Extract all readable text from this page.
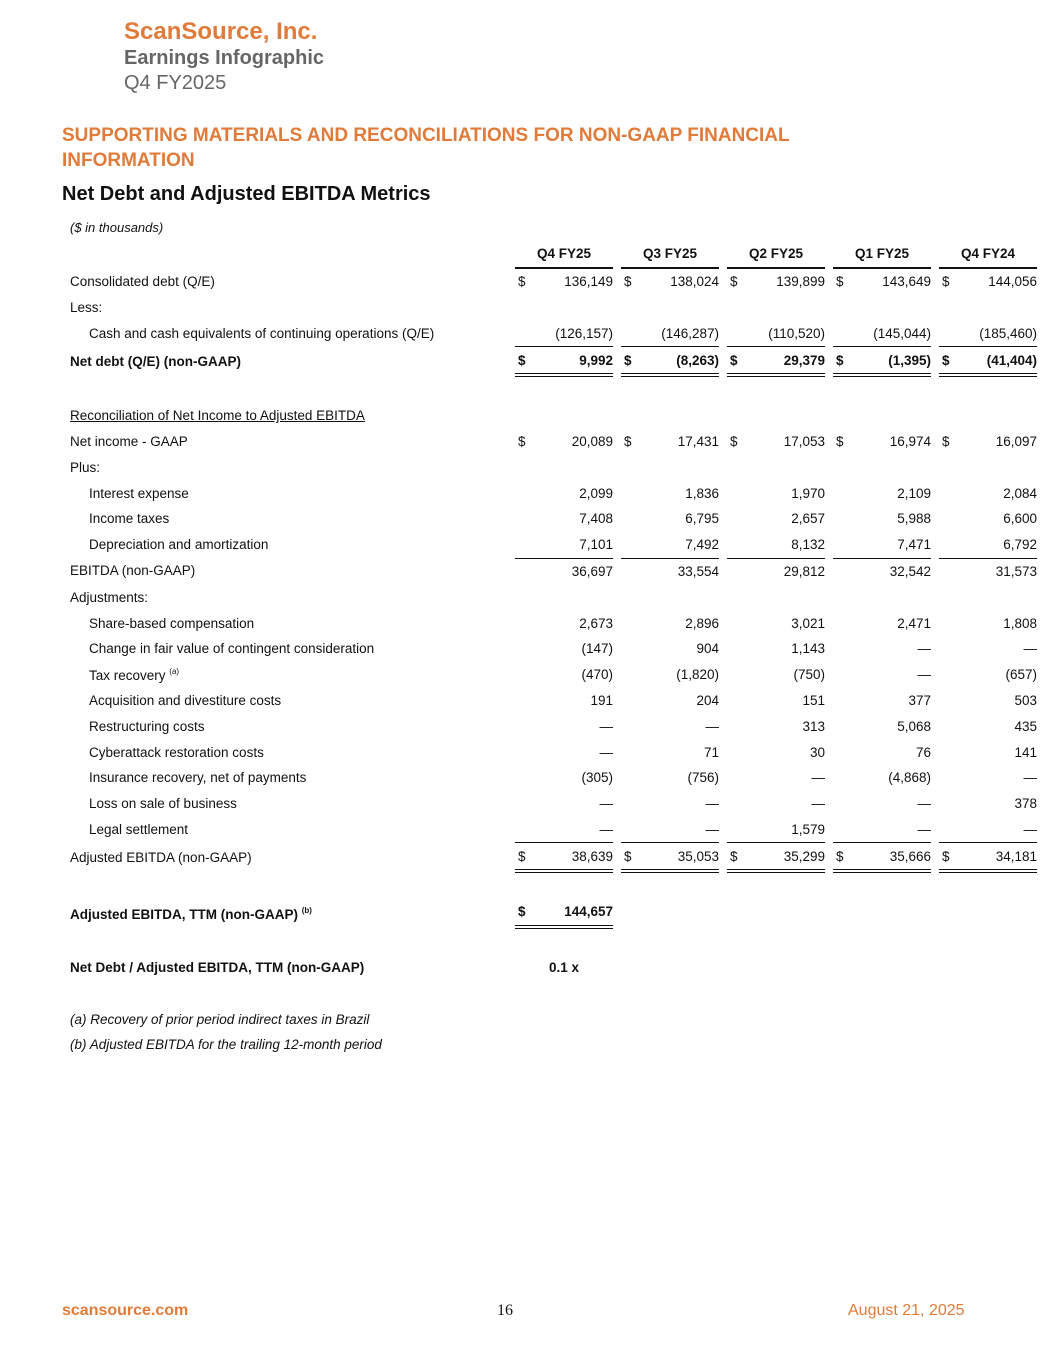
ScanSource, Inc.
Earnings Infographic
Q4 FY2025
SUPPORTING MATERIALS AND RECONCILIATIONS FOR NON-GAAP FINANCIAL INFORMATION
Net Debt and Adjusted EBITDA Metrics
($ in thousands)
		Q4 FY25			Q3 FY25			Q2 FY25			Q1 FY25			Q4 FY24	
Consolidated debt (Q/E)		$	136,149		$	138,024		$	139,899		$	143,649		$	144,056
Less:															
Cash and cash equivalents of continuing operations (Q/E)			(126,157)			(146,287)			(110,520)			(145,044)			(185,460)
Net debt (Q/E) (non-GAAP)		$	9,992		$	(8,263)		$	29,379		$	(1,395)		$	(41,404)

Reconciliation of Net Income to Adjusted EBITDA															
Net income - GAAP		$	20,089		$	17,431		$	17,053		$	16,974		$	16,097
Plus:															
Interest expense			2,099			1,836			1,970			2,109			2,084
Income taxes			7,408			6,795			2,657			5,988			6,600
Depreciation and amortization			7,101			7,492			8,132			7,471			6,792
EBITDA (non-GAAP)			36,697			33,554			29,812			32,542			31,573
Adjustments:															
Share-based compensation			2,673			2,896			3,021			2,471			1,808
Change in fair value of contingent consideration			(147)			904			1,143			—			—
Tax recovery $^{(a)}$			(470)			(1,820)			(750)			—			(657)
Acquisition and divestiture costs			191			204			151			377			503
Restructuring costs			—			—			313			5,068			435
Cyberattack restoration costs			—			71			30			76			141
Insurance recovery, net of payments			(305)			(756)			—			(4,868)			—
Loss on sale of business			—			—			—			—			378
Legal settlement			—			—			1,579			—			—
Adjusted EBITDA (non-GAAP)		$	38,639		$	35,053		$	35,299		$	35,666		$	34,181

Adjusted EBITDA, TTM (non-GAAP) $^{(b)}$		$	144,657												

Net Debt / Adjusted EBITDA, TTM (non-GAAP)		0.1 x													

(a) Recovery of prior period indirect taxes in Brazil															
(b) Adjusted EBITDA for the trailing 12-month period															
scansource.com	16	August 21, 2025
